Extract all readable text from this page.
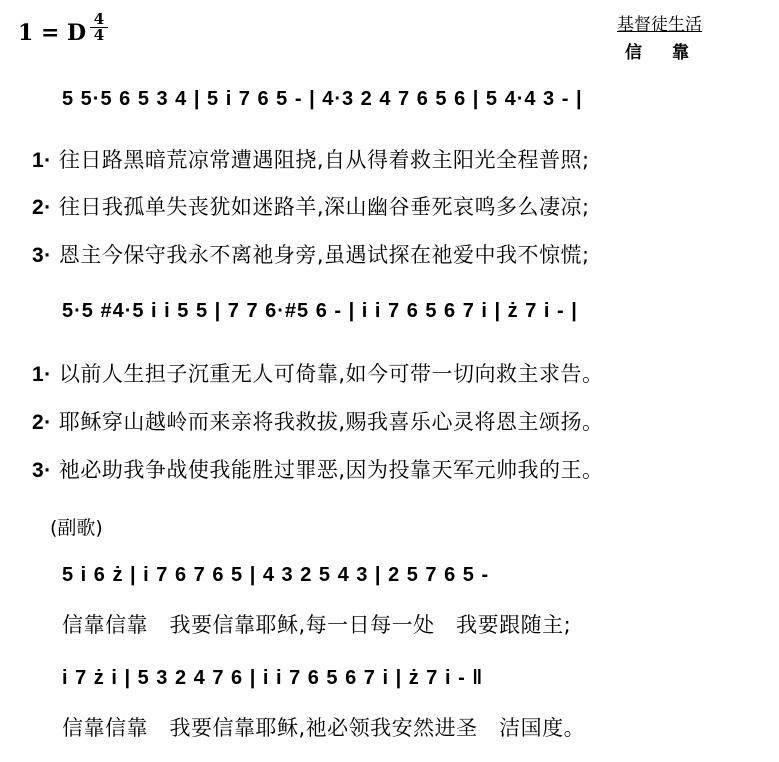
1 = D
4
4	基督徒生活
信靠
5 5·5 6 5 3 4 | 5 i 7 6 5 - | 4·3 2 4 7 6 5 6 | 5 4·4 3 - |
1· 往日路黑暗荒凉常遭遇阻挠,自从得着救主阳光全程普照;
2· 往日我孤单失丧犹如迷路羊,深山幽谷垂死哀鸣多么凄凉;
3· 恩主今保守我永不离祂身旁,虽遇试探在祂爱中我不惊慌;
5·5 #4·5 i i 5 5 | 7 7 6·#5 6 - | i i 7 6 5 6 7 i | ż 7 i - |
1· 以前人生担子沉重无人可倚靠,如今可带一切向救主求告。
2· 耶稣穿山越岭而来亲将我救拔,赐我喜乐心灵将恩主颂扬。
3· 祂必助我争战使我能胜过罪恶,因为投靠天军元帅我的王。
(副歌)
5 i 6 ż | i 7 6 7 6 5 | 4 3 2 5 4 3 | 2 5 7 6 5 -
信靠信靠　我要信靠耶稣,每一日每一处　我要跟随主;
i 7 ż i | 5 3 2 4 7 6 | i i 7 6 5 6 7 i | ż 7 i - ‖
信靠信靠　我要信靠耶稣,祂必领我安然进圣　洁国度。
